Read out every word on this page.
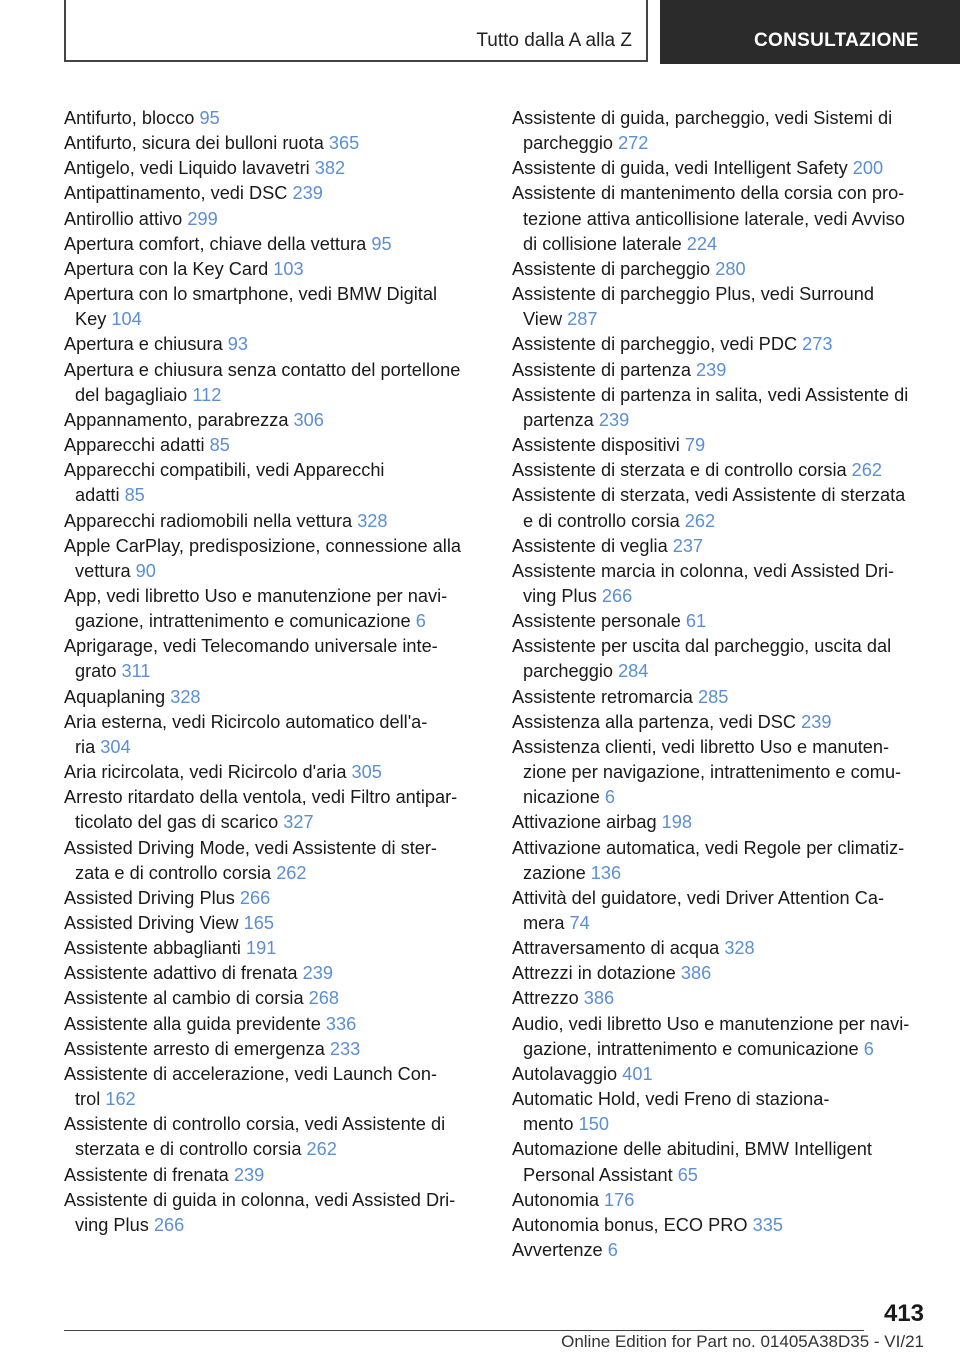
Tutto dalla A alla Z	CONSULTAZIONE
Antifurto, blocco 95
Antifurto, sicura dei bulloni ruota 365
Antigelo, vedi Liquido lavavetri 382
Antipattinamento, vedi DSC 239
Antirollio attivo 299
Apertura comfort, chiave della vettura 95
Apertura con la Key Card 103
Apertura con lo smartphone, vedi BMW Digital
Key 104
Apertura e chiusura 93
Apertura e chiusura senza contatto del portellone
del bagagliaio 112
Appannamento, parabrezza 306
Apparecchi adatti 85
Apparecchi compatibili, vedi Apparecchi
adatti 85
Apparecchi radiomobili nella vettura 328
Apple CarPlay, predisposizione, connessione alla
vettura 90
App, vedi libretto Uso e manutenzione per navi-
gazione, intrattenimento e comunicazione 6
Aprigarage, vedi Telecomando universale inte-
grato 311
Aquaplaning 328
Aria esterna, vedi Ricircolo automatico dell'a-
ria 304
Aria ricircolata, vedi Ricircolo d'aria 305
Arresto ritardato della ventola, vedi Filtro antipar-
ticolato del gas di scarico 327
Assisted Driving Mode, vedi Assistente di ster-
zata e di controllo corsia 262
Assisted Driving Plus 266
Assisted Driving View 165
Assistente abbaglianti 191
Assistente adattivo di frenata 239
Assistente al cambio di corsia 268
Assistente alla guida previdente 336
Assistente arresto di emergenza 233
Assistente di accelerazione, vedi Launch Con-
trol 162
Assistente di controllo corsia, vedi Assistente di
sterzata e di controllo corsia 262
Assistente di frenata 239
Assistente di guida in colonna, vedi Assisted Dri-
ving Plus 266
Assistente di guida, parcheggio, vedi Sistemi di
parcheggio 272
Assistente di guida, vedi Intelligent Safety 200
Assistente di mantenimento della corsia con pro-
tezione attiva anticollisione laterale, vedi Avviso
di collisione laterale 224
Assistente di parcheggio 280
Assistente di parcheggio Plus, vedi Surround
View 287
Assistente di parcheggio, vedi PDC 273
Assistente di partenza 239
Assistente di partenza in salita, vedi Assistente di
partenza 239
Assistente dispositivi 79
Assistente di sterzata e di controllo corsia 262
Assistente di sterzata, vedi Assistente di sterzata
e di controllo corsia 262
Assistente di veglia 237
Assistente marcia in colonna, vedi Assisted Dri-
ving Plus 266
Assistente personale 61
Assistente per uscita dal parcheggio, uscita dal
parcheggio 284
Assistente retromarcia 285
Assistenza alla partenza, vedi DSC 239
Assistenza clienti, vedi libretto Uso e manuten-
zione per navigazione, intrattenimento e comu-
nicazione 6
Attivazione airbag 198
Attivazione automatica, vedi Regole per climatiz-
zazione 136
Attività del guidatore, vedi Driver Attention Ca-
mera 74
Attraversamento di acqua 328
Attrezzi in dotazione 386
Attrezzo 386
Audio, vedi libretto Uso e manutenzione per navi-
gazione, intrattenimento e comunicazione 6
Autolavaggio 401
Automatic Hold, vedi Freno di staziona-
mento 150
Automazione delle abitudini, BMW Intelligent
Personal Assistant 65
Autonomia 176
Autonomia bonus, ECO PRO 335
Avvertenze 6
413
Online Edition for Part no. 01405A38D35 - VI/21
